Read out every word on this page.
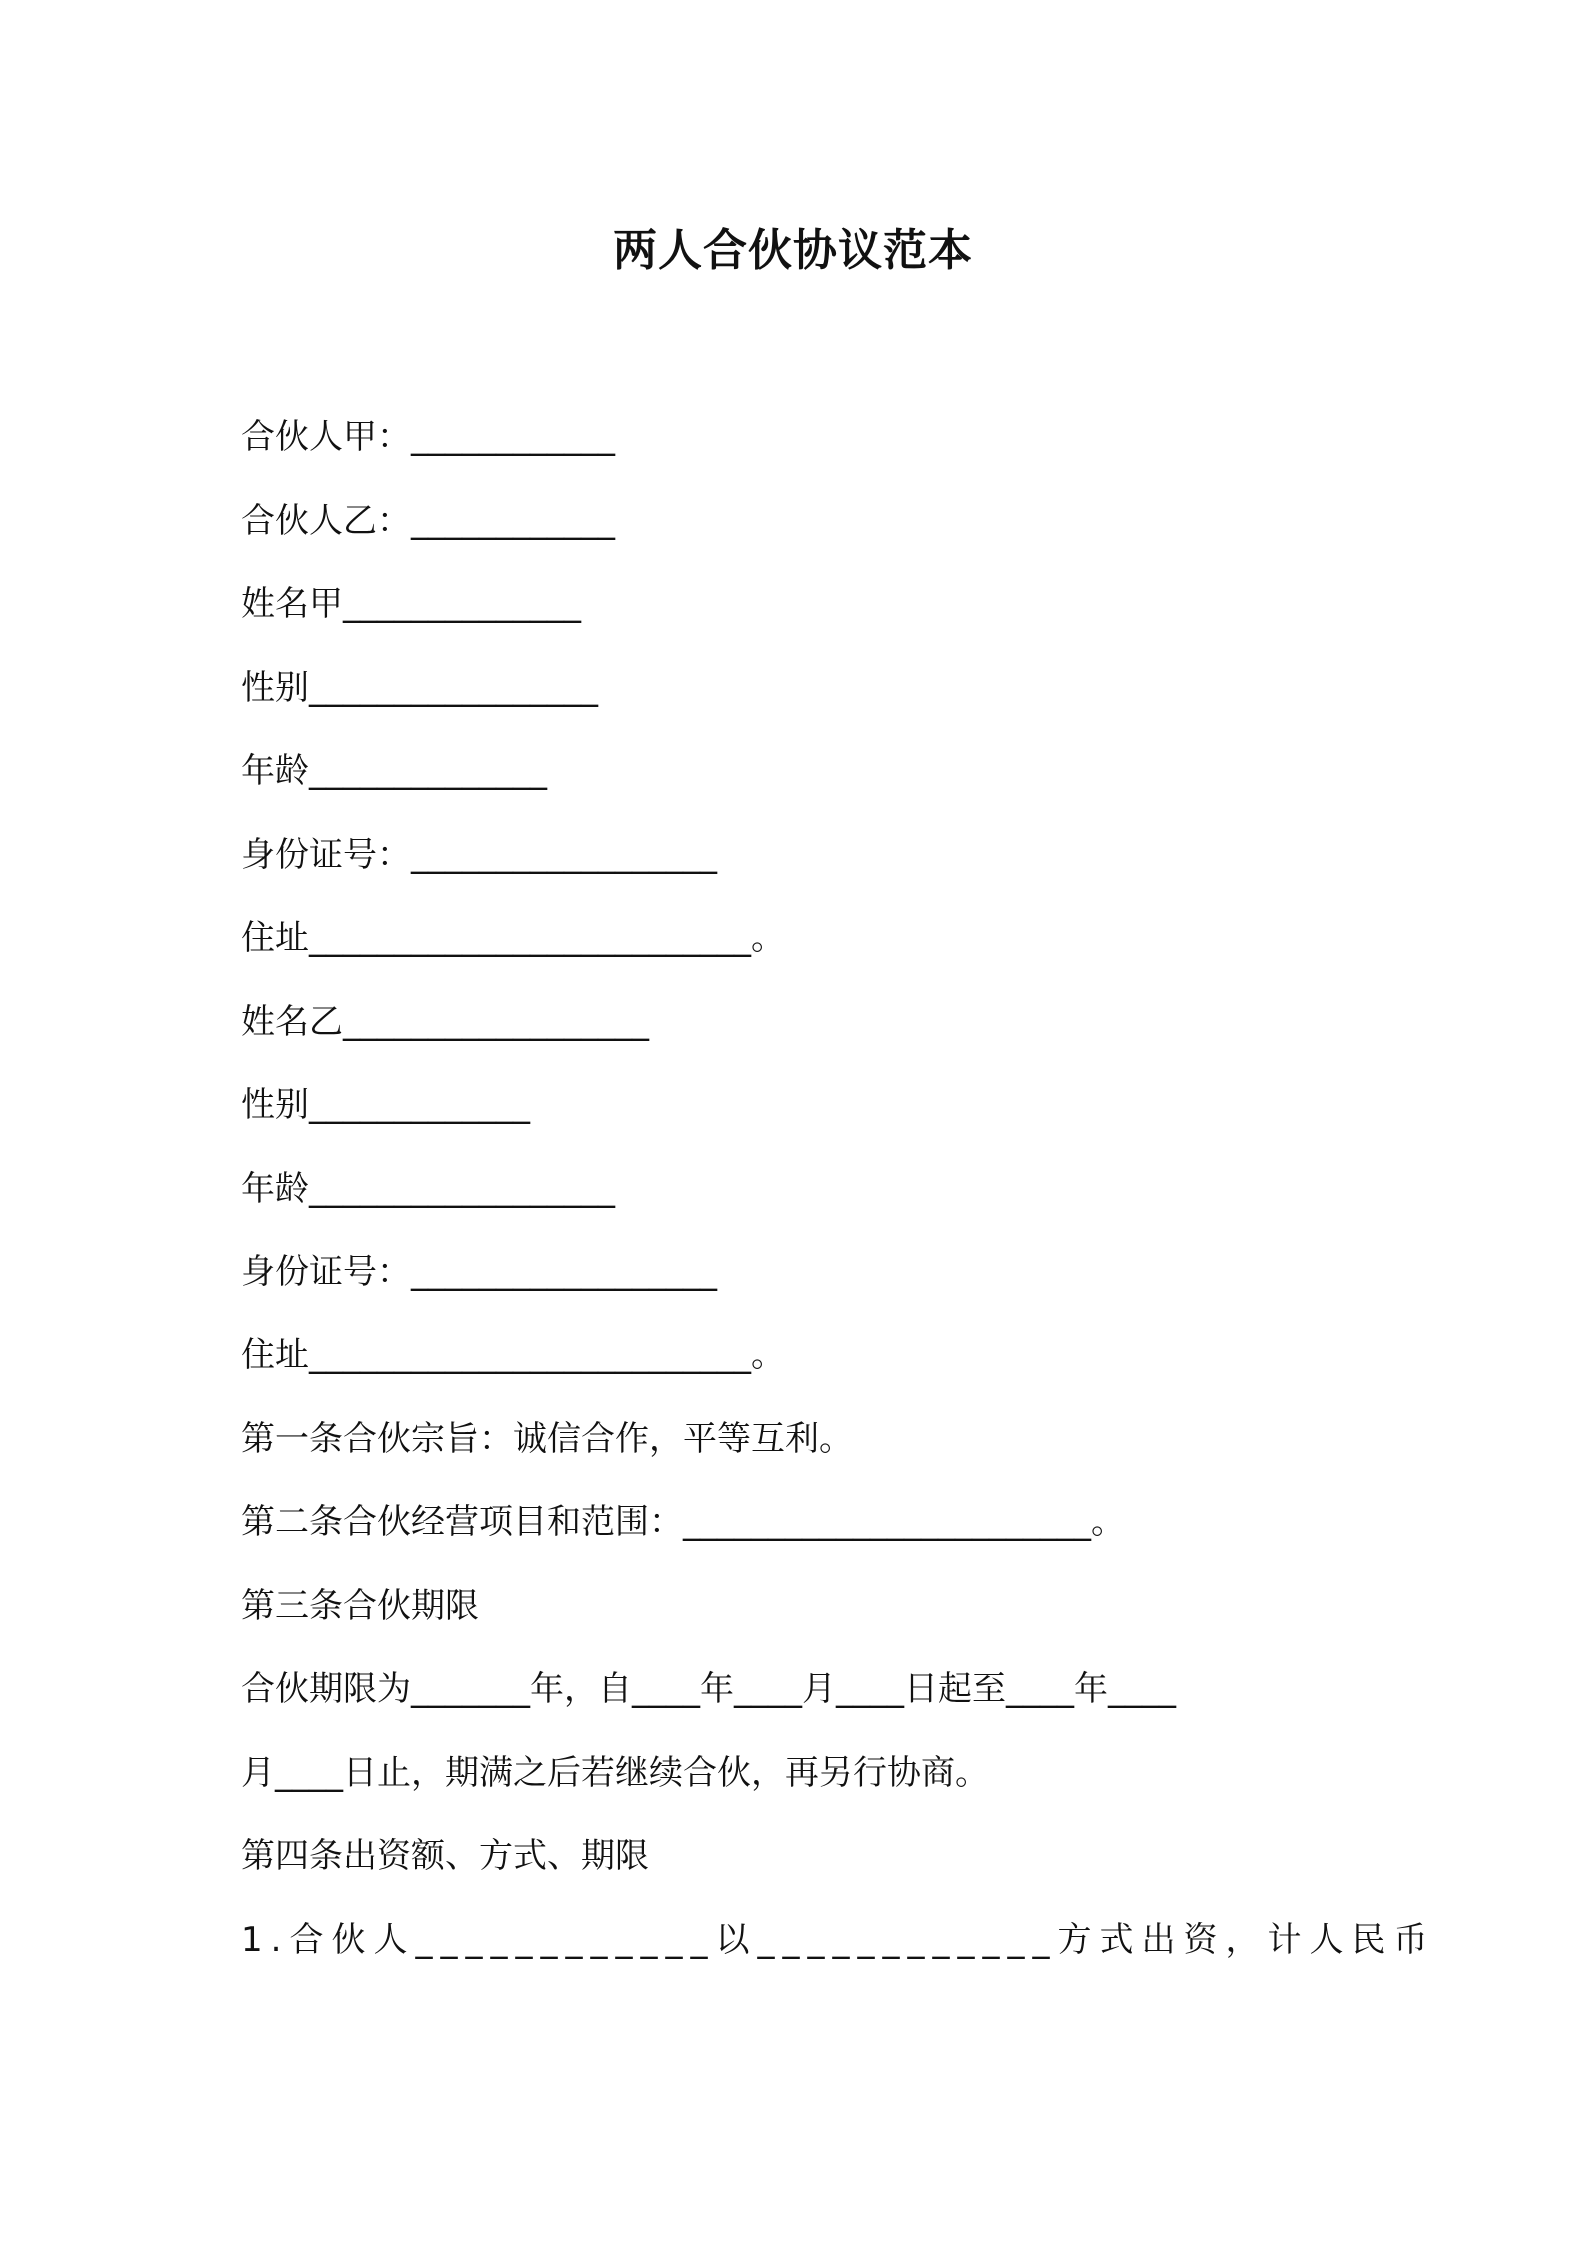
两人合伙协议范本
合伙人甲：____________
合伙人乙：____________
姓名甲______________
性别_________________
年龄______________
身份证号：__________________
住址__________________________。
姓名乙__________________
性别_____________
年龄__________________
身份证号：__________________
住址__________________________。
第一条合伙宗旨：诚信合作，平等互利。
第二条合伙经营项目和范围：________________________。
第三条合伙期限
合伙期限为_______年，自____年____月____日起至____年____
月____日止，期满之后若继续合伙，再另行协商。
第四条出资额、方式、期限
1.合伙人____________以____________方式出资，计人民币
